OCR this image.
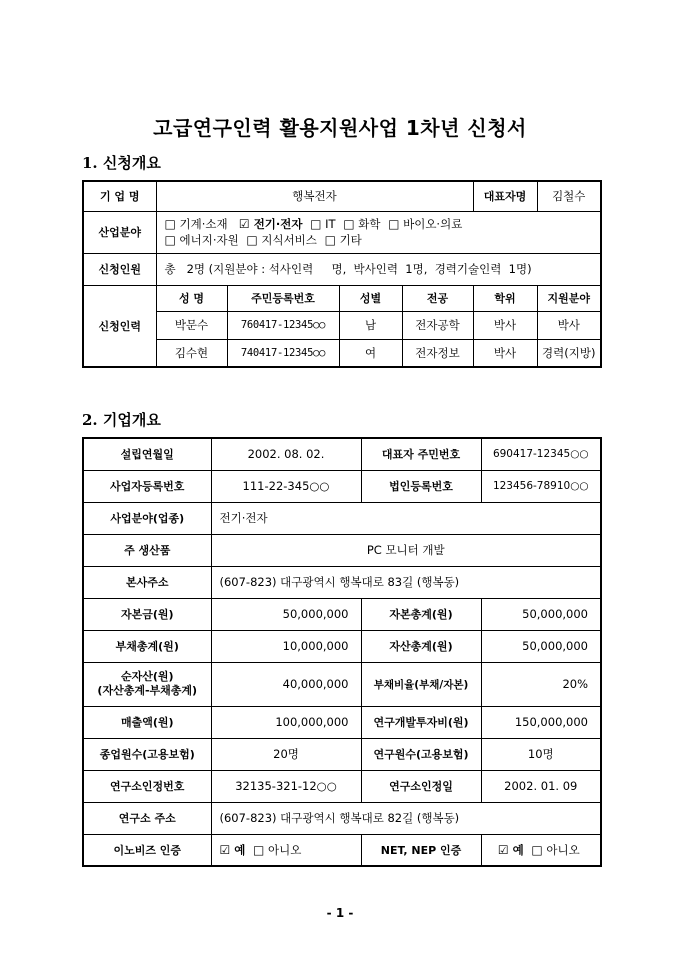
고급연구인력 활용지원사업 1차년 신청서
1. 신청개요
기 업 명	행복전자				대표자명	김철수
산업분야	□ 기계·소재 ☑ 전기·전자 □ IT □ 화학 □ 바이오·의료
□ 에너지·자원 □ 지식서비스 □ 기타					

신청인원	총   2명 (지원분야 : 석사인력     명,  박사인력  1명,  경력기술인력  1명)					
신청인력	성 명	주민등록번호	성별	전공	학위	지원분야
	박문수	760417-12345○○	남	전자공학	박사	박사
	김수현	740417-12345○○	여	전자정보	박사	경력(지방)
2. 기업개요
설립연월일	2002. 08. 02.	대표자 주민번호	690417-12345○○
사업자등록번호	111-22-345○○	법인등록번호	123456-78910○○
사업분야(업종)	전기·전자		
주 생산품	PC 모니터 개발		
본사주소	(607-823) 대구광역시 행복대로 83길 (행복동)		
자본금(원)	50,000,000	자본총계(원)	50,000,000
부채총계(원)	10,000,000	자산총계(원)	50,000,000

순자산(원)
(자산총계-부채총계)	40,000,000	부채비율(부채/자본)	20%
매출액(원)	100,000,000	연구개발투자비(원)	150,000,000
종업원수(고용보험)	20명	연구원수(고용보험)	10명
연구소인정번호	32135-321-12○○	연구소인정일	2002. 01. 09
연구소 주소	(607-823) 대구광역시 행복대로 82길 (행복동)		
이노비즈 인증	☑ 예 □ 아니오	NET, NEP 인증	☑ 예 □ 아니오
- 1 -
